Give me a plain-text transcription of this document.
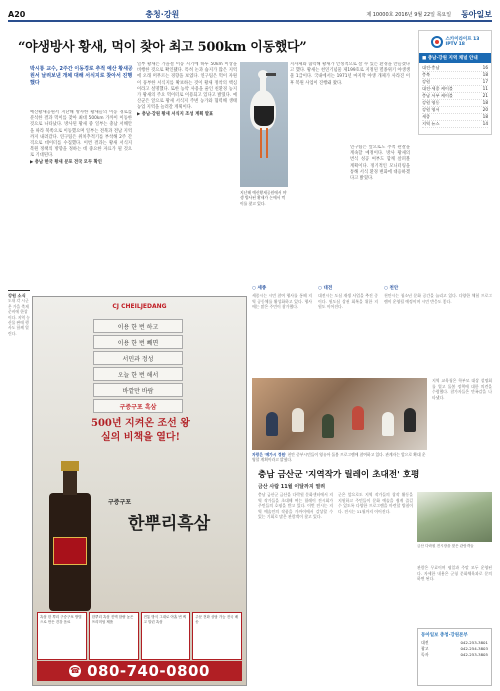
A20	충청·강원	제 10000호 2016년 9월 22일 목요일 동아일보
“야생방사 황새, 먹이 찾아 최고 500km 이동했다”
박시룡 교수, 2주간 이동경로 추적 예산 황새공원서 날려보낸 개체 대해 서식지로 찾아서 진행했다
예산황새공원서 지난해 방사한 황새들의 이동 경로를 분석한 결과 먹이를 찾아 최대 500km 가까이 이동한 것으로 나타났다. 방사된 황새 중 일부는 충남 서해안을 따라 북쪽으로 이동했으며 일부는 전북과 전남 지역까지 내려갔다. 연구팀은 위치추적기를 부착해 2주 간격으로 데이터를 수집했다. 이번 결과는 황새 서식지 복원 정책의 방향을 정하는 데 중요한 자료가 될 것으로 기대된다.
▶ 충남 한국 황새 분포 전국 모두 확인
일부 황새는 가을철 이동 시기에 하루 50km 이상을 비행한 것으로 확인됐다. 특히 논과 습지가 많은 지역에 오래 머무르는 경향을 보였다. 연구팀은 먹이 자원이 풍부한 서식지를 확보하는 것이 황새 정착의 핵심이라고 설명했다. 또한 농약 사용을 줄인 친환경 농지가 황새의 주요 먹이터로 이용되고 있다고 밝혔다. 예산군은 앞으로 황새 서식지 주변 농가와 협력해 생태 농업 지역을 늘려갈 계획이다.
▶ 충남·강원 황새 서식지 조성 계획 발표
지난해 예산황새공원에서 야생 방사된 황새가 논에서 먹이를 찾고 있다.
지자체와 협력해 황새가 안정적으로 살 수 있는 환경을 만들겠다고 했다. 황새는 천연기념물 제199호로 지정된 멸종위기 야생생물 1급이다. 국내에서는 1971년 마지막 야생 개체가 사라진 이후 복원 사업이 진행돼 왔다.
연구팀은 앞으로도 추적 관찰을 계속할 예정이다. 방사 황새의 번식 성공 여부도 함께 살펴볼 계획이다. 정기적인 모니터링을 통해 서식 환경 변화에 대응하겠다고 밝혔다.
스카이라이프 13
IPTV 18
■ 충남·강원 지역 채널 안내
대전·충남	16
충북	18
강원	17
대전·세종 케이블	11
충남 서부 케이블	21
강원 영동	18
강원 영서	20
세종	18
지역 뉴스	14
강원 소식
도내 각 시군은 가을 축제 준비에 한창이다. 지역 농산물 판매 행사도 함께 열린다.
CJ CHEILJEDANG
이용 한 번 하고
이용 한 번 빼면
서민과 정성
오늘 한 번 해서
바깥만 바람
구증구포 흑삼
500년 지켜온 조선 왕실의 비책을 열다!
구증구포
한뿌리흑삼
흑삼 한 뿌리 구증구포 방법으로 만든 건강 음료
한뿌리 흑삼 진액 함량 높은 프리미엄 제품
전통 방식 그대로 아홉 번 찌고 말린 흑삼
주문 전화 상담 가능 전국 배송
☎ 080-740-0800
○ 세종
세종시는 시민 참여 행사를 통해 지역 공동체를 활성화하고 있다. 행사에는 많은 주민이 참가했다.
○ 대전
대전시는 도심 재생 사업을 추진 중이다. 원도심 상권 회복을 위한 지원도 이어진다.
○ 천안
천안시는 청소년 문화 공간을 늘리고 있다. 다양한 체험 프로그램이 운영될 예정이며 시민 반응도 좋다.
자랑은 '메가시 정원' 천안 중부시민들이 영유아 돌봄 프로그램에 참여하고 있다. 관계자는 앞으로 확대 운영할 계획이라고 밝혔다.
지역 교육청은 학부모 대상 설명회를 열고 돌봄 정책에 대한 의견을 수렴했다. 참가자들은 만족감을 나타냈다.
충남 금산군 '지역작가 릴레이 초대전' 호평
금산 사람 11월 이달까지 열려
충남 금산군 금산읍 다락원 문화센터에서 지역 작가들을 초대해 여는 릴레이 전시회가 주민들의 호평을 받고 있다. 이번 전시는 지역 예술인의 작품을 가까이에서 감상할 수 있는 기회로 많은 관람객이 찾고 있다.
군은 앞으로도 지역 작가들의 창작 활동을 지원하고 주민들이 문화 예술을 쉽게 즐길 수 있도록 다양한 프로그램을 마련할 방침이다. 전시는 11월까지 이어진다.
금산 다락원 전시장을 찾은 관람객들
관람은 무료이며 평일과 주말 모두 운영된다. 자세한 내용은 군청 문화체육과로 문의하면 된다.
동아일보 충청·강원본부
대전	042-253-3801
광고	042-254-3803
독자	042-253-3805
